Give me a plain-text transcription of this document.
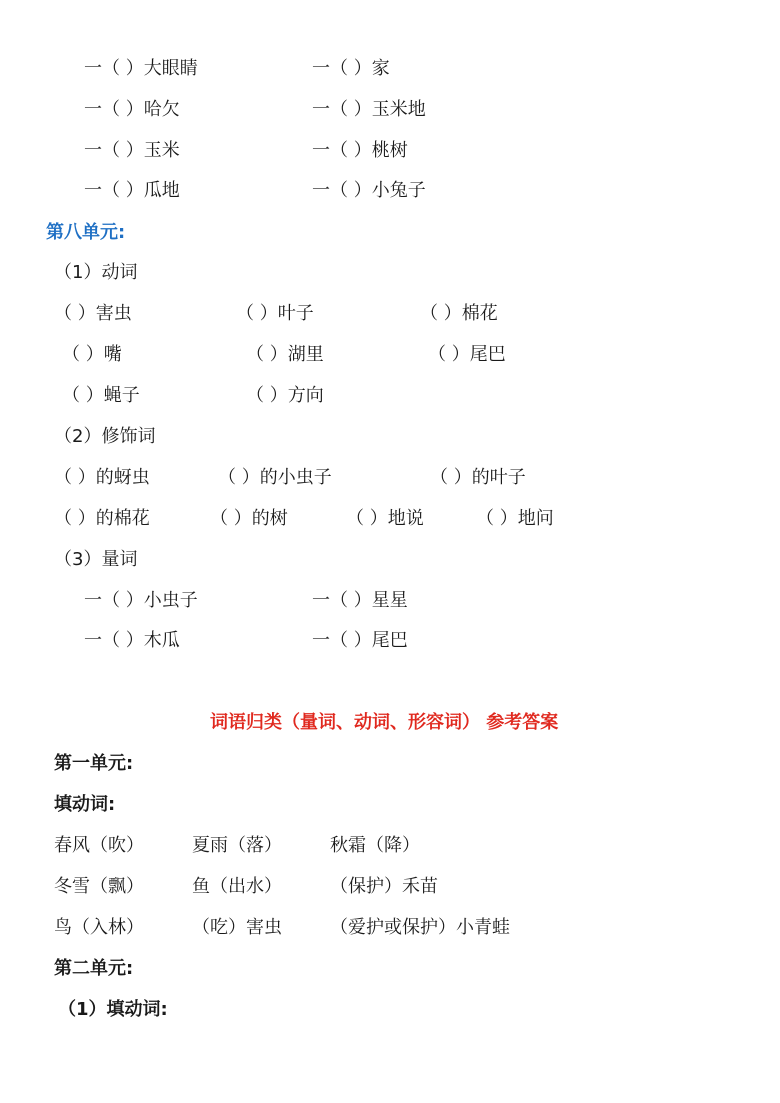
一（ ）大眼睛	一（ ）家
一（ ）哈欠	一（ ）玉米地
一（ ）玉米	一（ ）桃树
一（ ）瓜地	一（ ）小兔子
第八单元:
（1）动词
（ ）害虫	（ ）叶子	（ ）棉花
（ ）嘴	（ ）湖里	（ ）尾巴
（ ）蝇子	（ ）方向
（2）修饰词
（ ）的蚜虫	（ ）的小虫子	（ ）的叶子
（ ）的棉花	（ ）的树	（ ）地说	（ ）地问
（3）量词
一（ ）小虫子	一（ ）星星
一（ ）木瓜	一（ ）尾巴
词语归类（量词、动词、形容词） 参考答案
第一单元:
填动词:
春风（吹）	夏雨（落）	秋霜（降）
冬雪（飘）	鱼（出水）	（保护）禾苗
鸟（入林）	（吃）害虫	（爱护或保护）小青蛙
第二单元:
（1）填动词:
